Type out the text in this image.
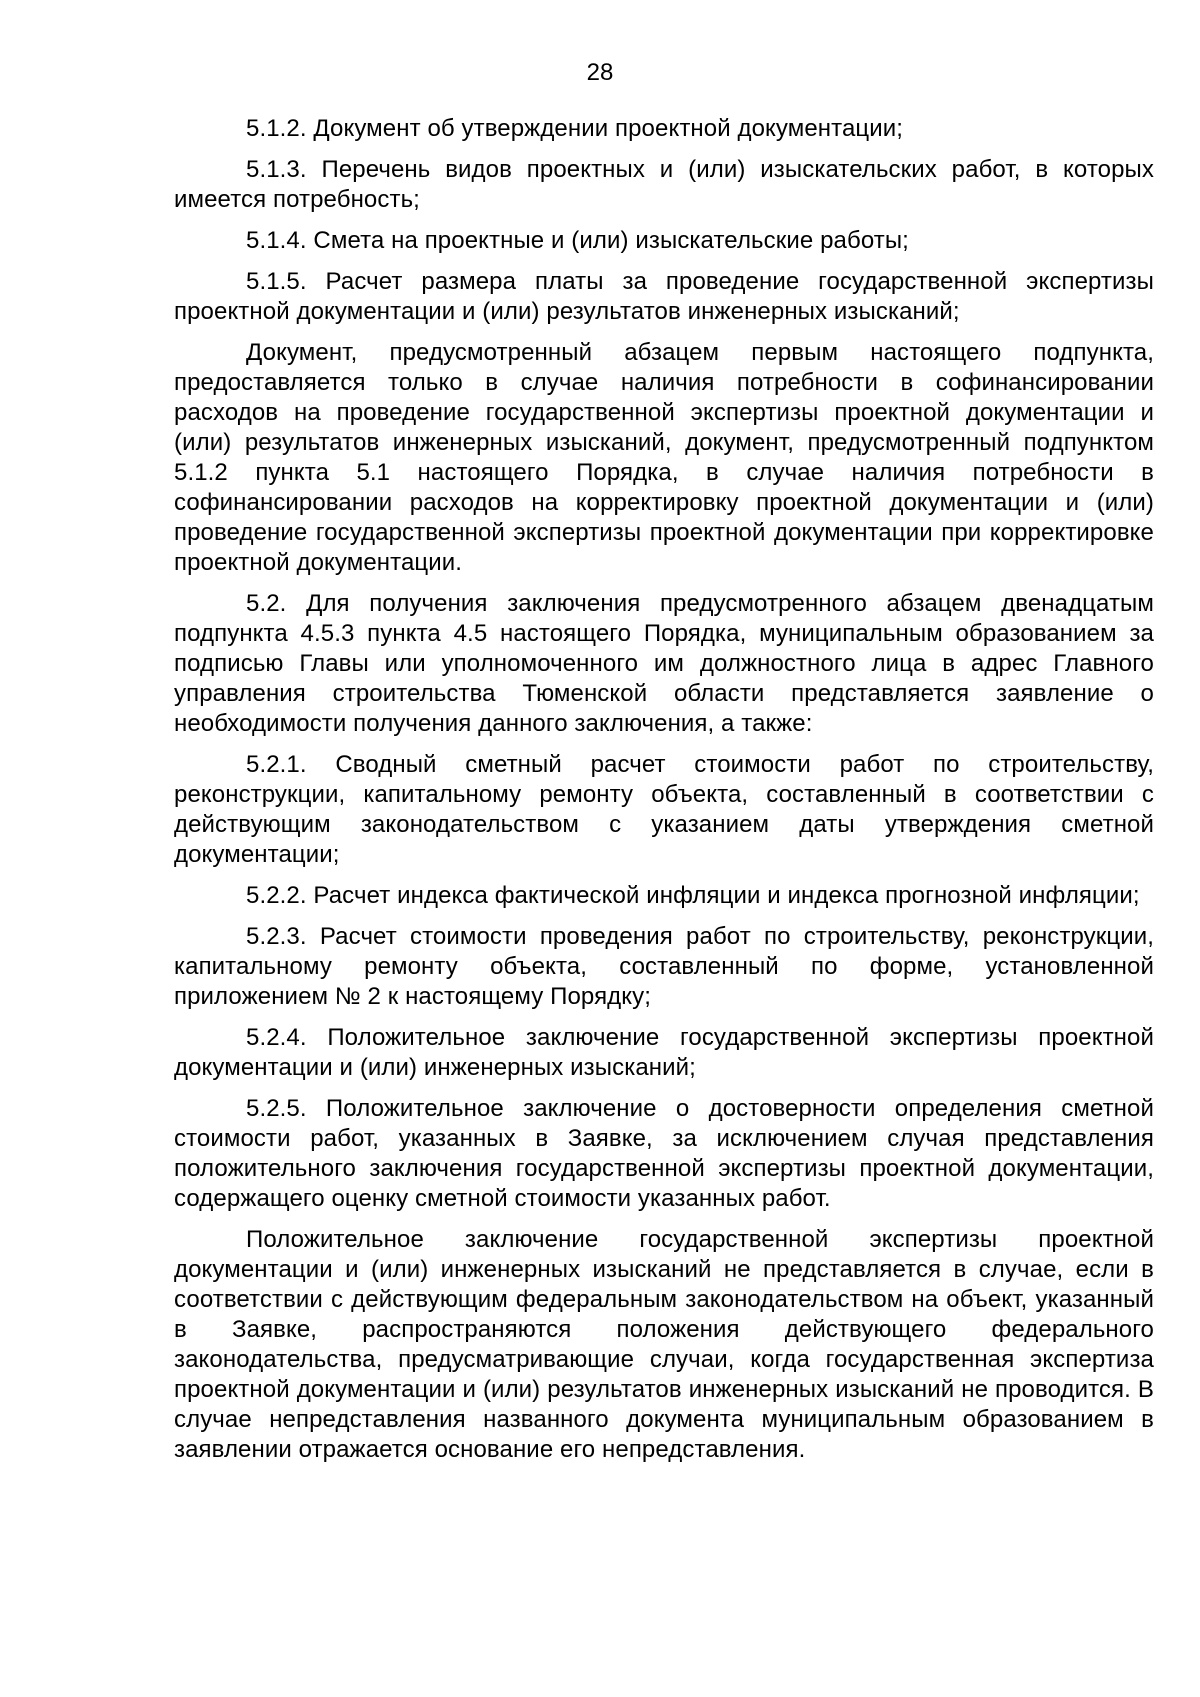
28

5.1.2. Документ об утверждении проектной документации;

5.1.3. Перечень видов проектных и (или) изыскательских работ, в которых имеется потребность;

5.1.4. Смета на проектные и (или) изыскательские работы;

5.1.5. Расчет размера платы за проведение государственной экспертизы проектной документации и (или) результатов инженерных изысканий;

Документ, предусмотренный абзацем первым настоящего подпункта, предоставляется только в случае наличия потребности в софинансировании расходов на проведение государственной экспертизы проектной документации и (или) результатов инженерных изысканий, документ, предусмотренный подпунктом 5.1.2 пункта 5.1 настоящего Порядка, в случае наличия потребности в софинансировании расходов на корректировку проектной документации и (или) проведение государственной экспертизы проектной документации при корректировке проектной документации.

5.2. Для получения заключения предусмотренного абзацем двенадцатым подпункта 4.5.3 пункта 4.5 настоящего Порядка, муниципальным образованием за подписью Главы или уполномоченного им должностного лица в адрес Главного управления строительства Тюменской области представляется заявление о необходимости получения данного заключения, а также:

5.2.1. Сводный сметный расчет стоимости работ по строительству, реконструкции, капитальному ремонту объекта, составленный в соответствии с действующим законодательством с указанием даты утверждения сметной документации;

5.2.2. Расчет индекса фактической инфляции и индекса прогнозной инфляции;

5.2.3. Расчет стоимости проведения работ по строительству, реконструкции, капитальному ремонту объекта, составленный по форме, установленной приложением № 2 к настоящему Порядку;

5.2.4. Положительное заключение государственной экспертизы проектной документации и (или) инженерных изысканий;

5.2.5. Положительное заключение о достоверности определения сметной стоимости работ, указанных в Заявке, за исключением случая представления положительного заключения государственной экспертизы проектной документации, содержащего оценку сметной стоимости указанных работ.

Положительное заключение государственной экспертизы проектной документации и (или) инженерных изысканий не представляется в случае, если в соответствии с действующим федеральным законодательством на объект, указанный в Заявке, распространяются положения действующего федерального законодательства, предусматривающие случаи, когда государственная экспертиза проектной документации и (или) результатов инженерных изысканий не проводится. В случае непредставления названного документа муниципальным образованием в заявлении отражается основание его непредставления.
